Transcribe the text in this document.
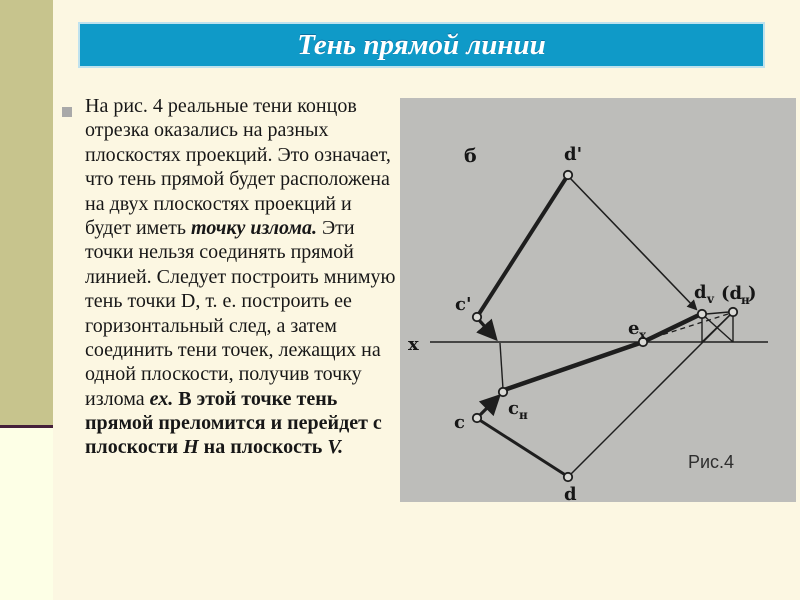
Тень прямой линии
На рис. 4 реальные тени концов отрезка оказались на разных плоскостях проекций. Это означает, что тень прямой будет расположена на двух плоскостях проекций и будет иметь точку излома. Эти точки нельзя соединять прямой линией. Следует построить мнимую тень точки D, т. е. построить ее горизонтальный след, а затем соединить тени точек, лежащих на одной плоскости, получив точку излома ех. В этой точке тень прямой преломится и перейдет с плоскости Н на плоскость V.
б	d'
c'
x
e x
d v (d
н
)
c н
c
d
Рис.4
